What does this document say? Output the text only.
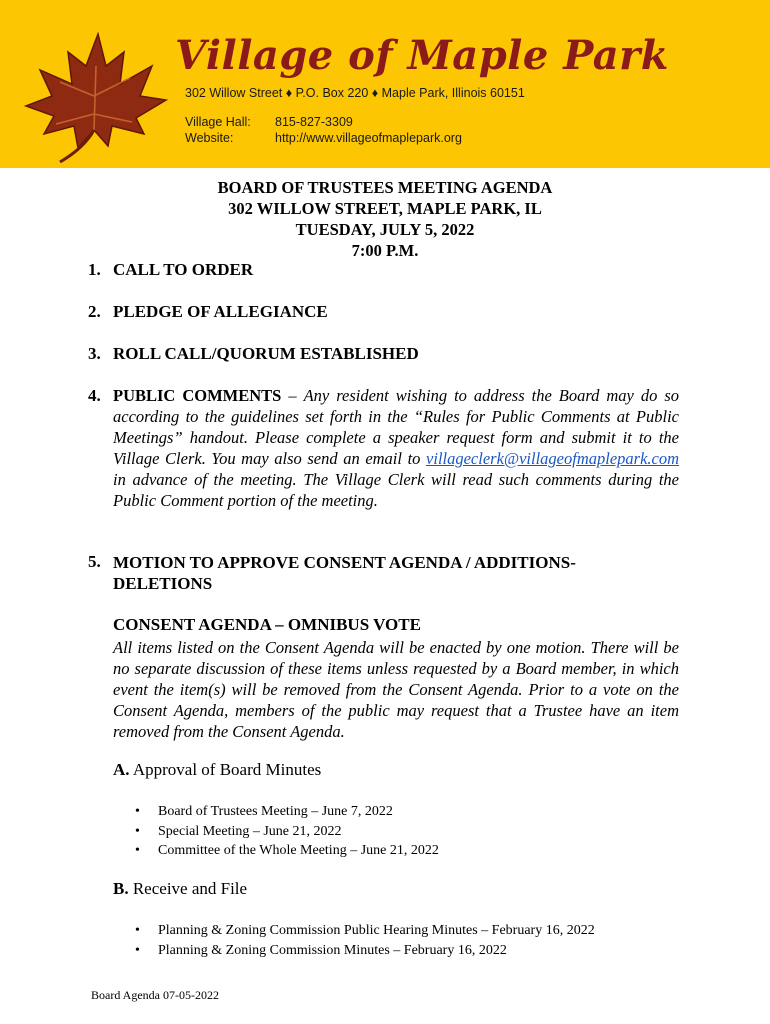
Village of Maple Park
302 Willow Street ♦ P.O. Box 220 ♦ Maple Park, Illinois 60151
Village Hall:	815-827-3309
Website:	http://www.villageofmaplepark.org
BOARD OF TRUSTEES MEETING AGENDA
302 WILLOW STREET, MAPLE PARK, IL
TUESDAY, JULY 5, 2022
7:00 P.M.
1. CALL TO ORDER
2. PLEDGE OF ALLEGIANCE
3. ROLL CALL/QUORUM ESTABLISHED
4. PUBLIC COMMENTS – Any resident wishing to address the Board may do so according to the guidelines set forth in the “Rules for Public Comments at Public Meetings” handout. Please complete a speaker request form and submit it to the Village Clerk. You may also send an email to villageclerk@villageofmaplepark.com in advance of the meeting. The Village Clerk will read such comments during the Public Comment portion of the meeting.
5. MOTION TO APPROVE CONSENT AGENDA / ADDITIONS-
DELETIONS
CONSENT AGENDA – OMNIBUS VOTE
All items listed on the Consent Agenda will be enacted by one motion. There will be no separate discussion of these items unless requested by a Board member, in which event the item(s) will be removed from the Consent Agenda. Prior to a vote on the Consent Agenda, members of the public may request that a Trustee have an item removed from the Consent Agenda.
A. Approval of Board Minutes
• Board of Trustees Meeting – June 7, 2022
• Special Meeting – June 21, 2022
• Committee of the Whole Meeting – June 21, 2022
B. Receive and File
• Planning & Zoning Commission Public Hearing Minutes – February 16, 2022
• Planning & Zoning Commission Minutes – February 16, 2022
Board Agenda 07-05-2022
